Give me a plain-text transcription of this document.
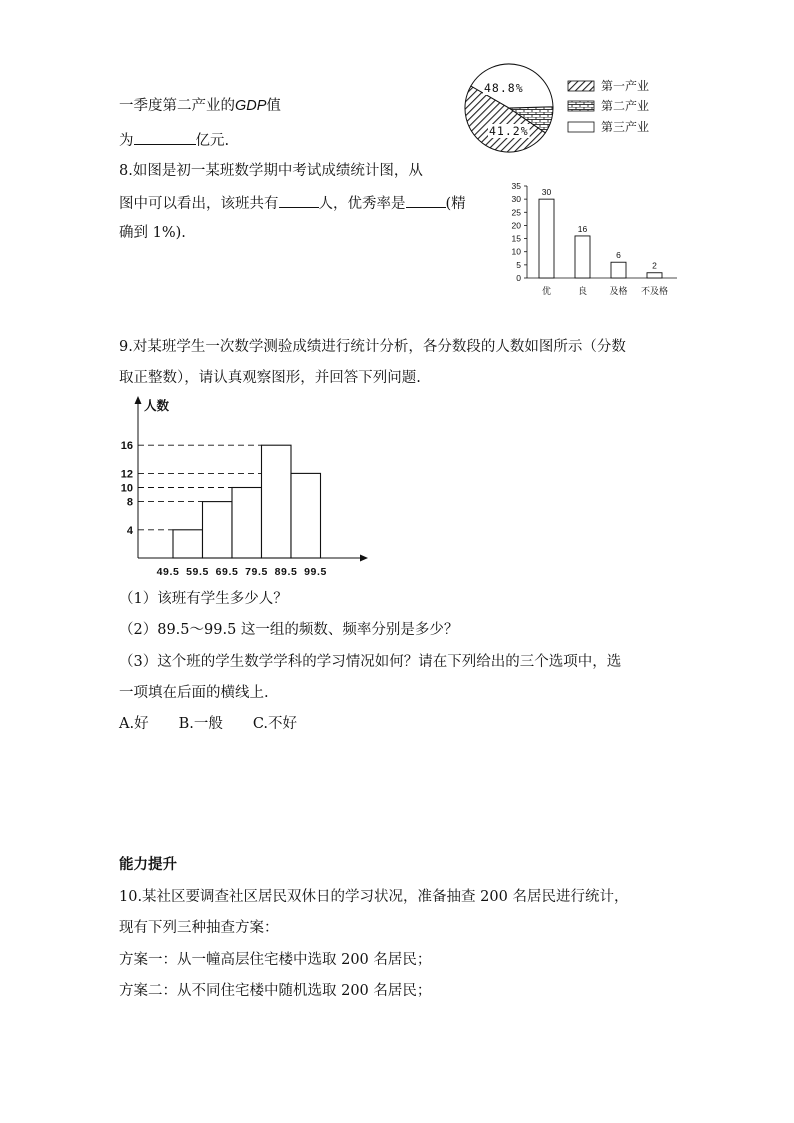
一季度第二产业的GDP值
为	亿元.
48.8%
41.2%
第一产业
第二产业
第三产业
8.如图是初一某班数学期中考试成绩统计图，从
图中可以看出，该班共有	人，优秀率是	(精
确到 1%).
0
5
10
15
20
25
30
35
30
优
16
良
6
及格
2
不及格
9.对某班学生一次数学测验成绩进行统计分析，各分数段的人数如图所示（分数
取正整数），请认真观察图形，并回答下列问题.
人数
4
8
10
12
16
49.5 59.5 69.5 79.5 89.5 99.5
（1）该班有学生多少人？
（2）89.5～99.5 这一组的频数、频率分别是多少？
（3）这个班的学生数学学科的学习情况如何？请在下列给出的三个选项中，选
一项填在后面的横线上.
A.好 B.一般 C.不好
能力提升
10.某社区要调查社区居民双休日的学习状况，准备抽查 200 名居民进行统计，
现有下列三种抽查方案：
方案一：从一幢高层住宅楼中选取 200 名居民；
方案二：从不同住宅楼中随机选取 200 名居民；
